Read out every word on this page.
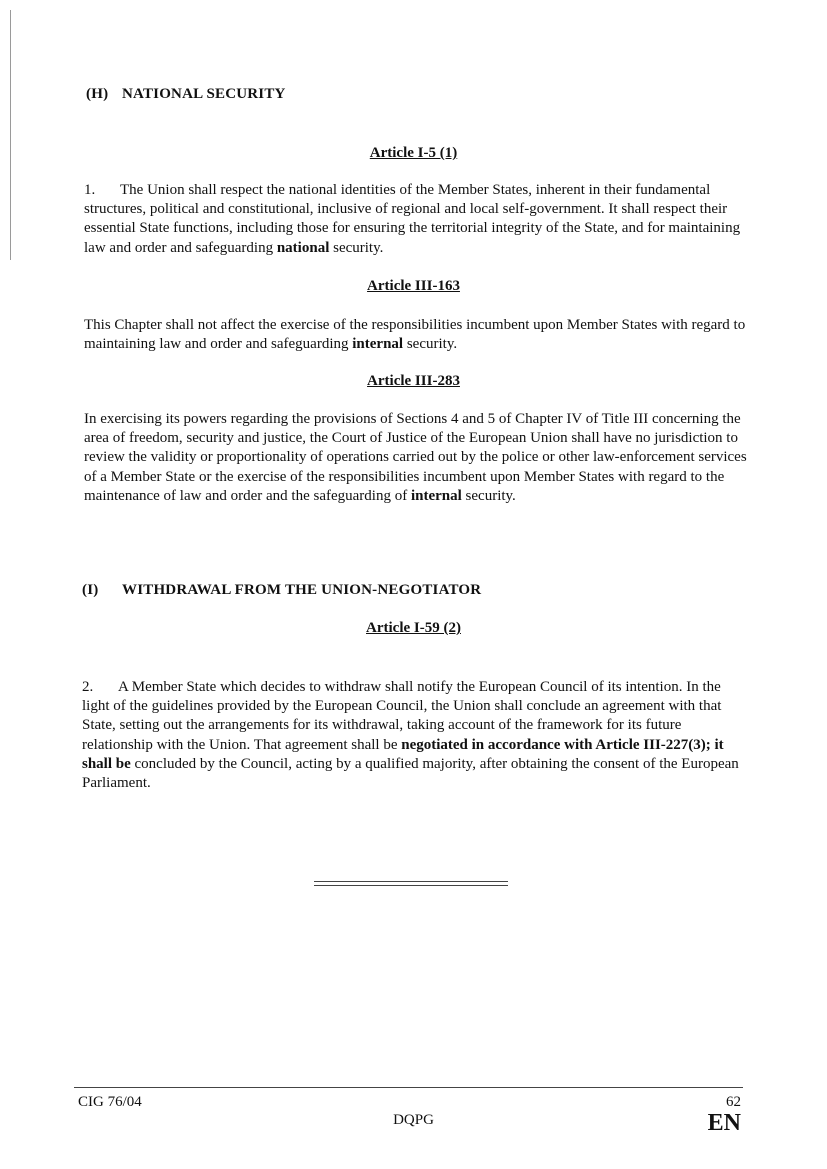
(H) NATIONAL SECURITY
Article I-5 (1)

1. The Union shall respect the national identities of the Member States, inherent in their fundamental structures, political and constitutional, inclusive of regional and local self-government. It shall respect their essential State functions, including those for ensuring the territorial integrity of the State, and for maintaining law and order and safeguarding national security.

Article III-163

This Chapter shall not affect the exercise of the responsibilities incumbent upon Member States with regard to maintaining law and order and safeguarding internal security.

Article III-283

In exercising its powers regarding the provisions of Sections 4 and 5 of Chapter IV of Title III concerning the area of freedom, security and justice, the Court of Justice of the European Union shall have no jurisdiction to review the validity or proportionality of operations carried out by the police or other law-enforcement services of a Member State or the exercise of the responsibilities incumbent upon Member States with regard to the maintenance of law and order and the safeguarding of internal security.

(I) WITHDRAWAL FROM THE UNION-NEGOTIATOR
Article I-59 (2)

2. A Member State which decides to withdraw shall notify the European Council of its intention. In the light of the guidelines provided by the European Council, the Union shall conclude an agreement with that State, setting out the arrangements for its withdrawal, taking account of the framework for its future relationship with the Union. That agreement shall be negotiated in accordance with Article III-227(3); it shall be concluded by the Council, acting by a qualified majority, after obtaining the consent of the European Parliament.

CIG 76/04

DQPG

62

EN
